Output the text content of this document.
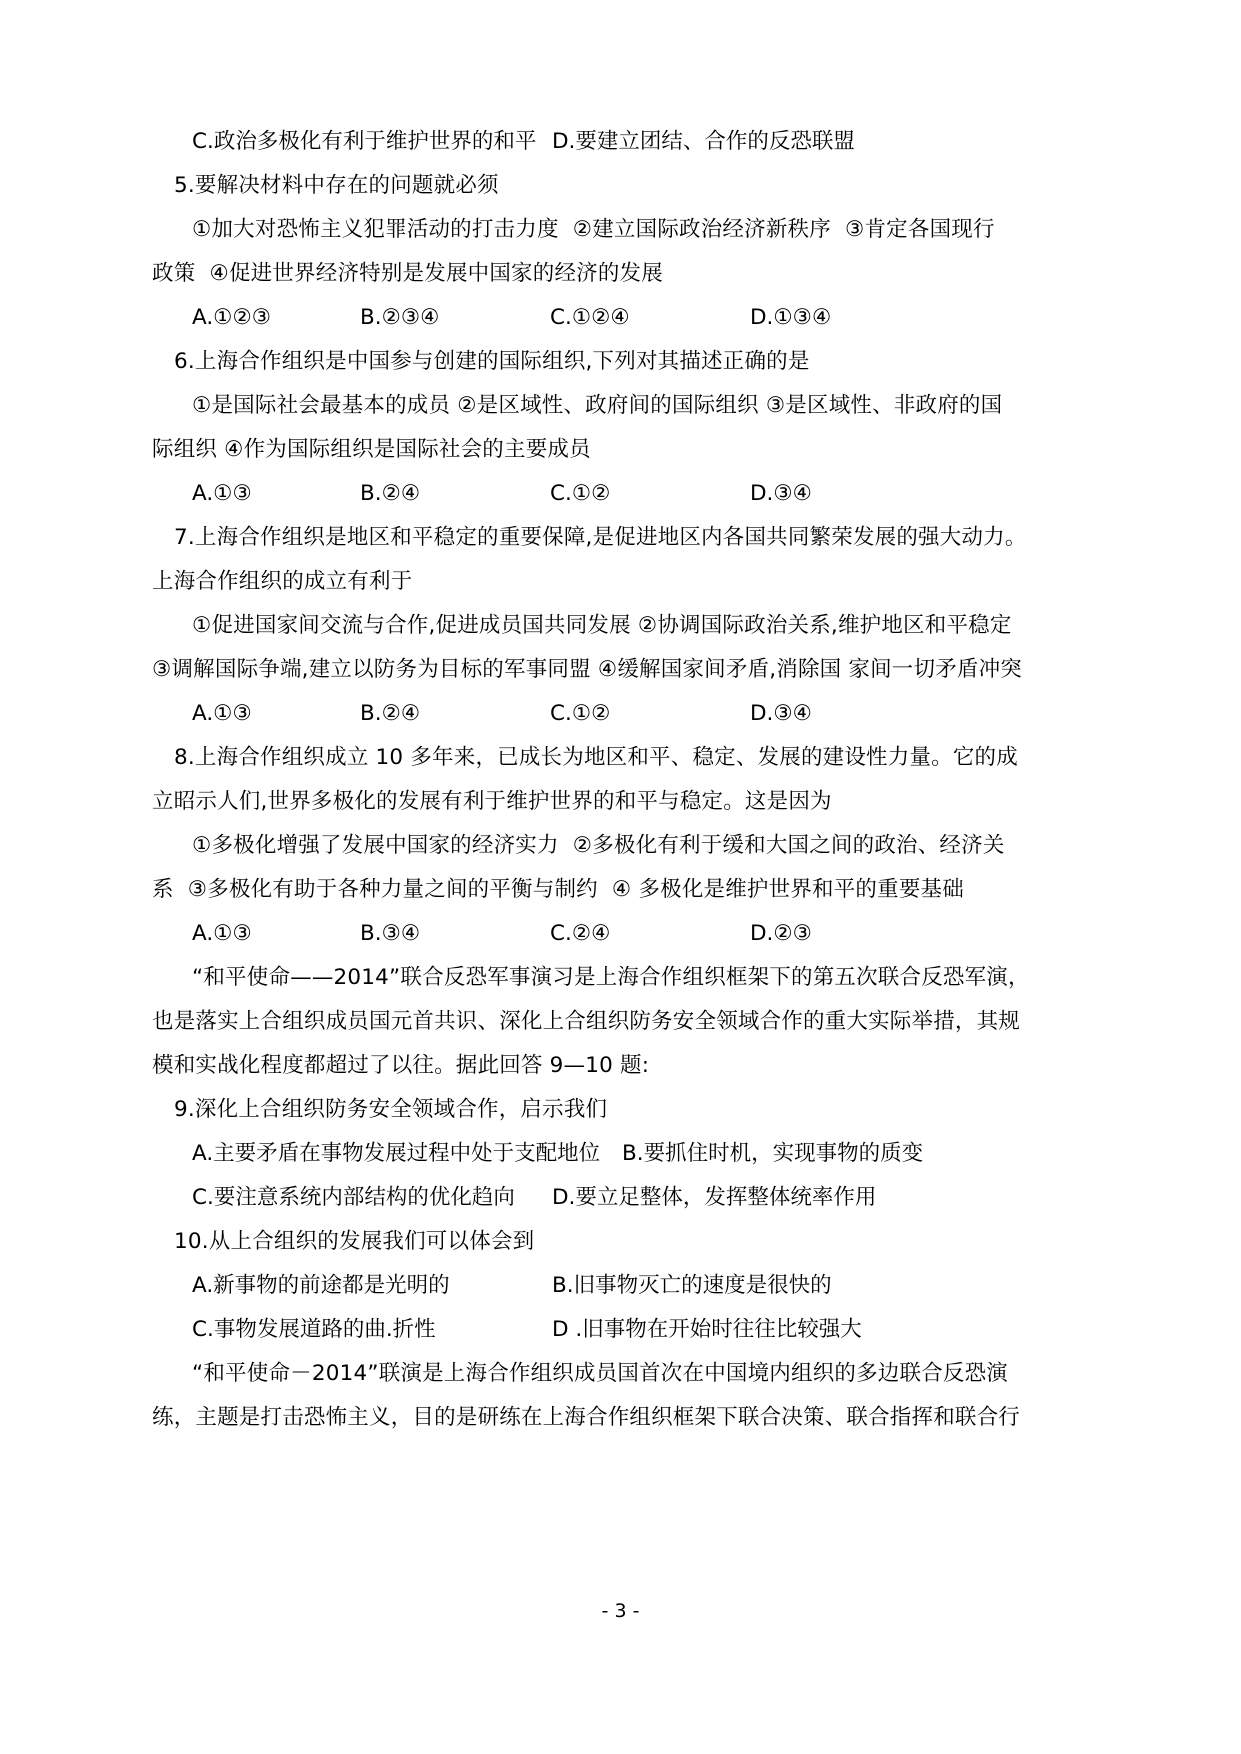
C.政治多极化有利于维护世界的和平 D.要建立团结、合作的反恐联盟
5.要解决材料中存在的问题就必须
①加大对恐怖主义犯罪活动的打击力度  ②建立国际政治经济新秩序  ③肯定各国现行
政策  ④促进世界经济特别是发展中国家的经济的发展
A.①②③	B.②③④	C.①②④	D.①③④
6.上海合作组织是中国参与创建的国际组织,下列对其描述正确的是
①是国际社会最基本的成员 ②是区域性、政府间的国际组织 ③是区域性、非政府的国
际组织 ④作为国际组织是国际社会的主要成员
A.①③	B.②④	C.①②	D.③④
7.上海合作组织是地区和平稳定的重要保障,是促进地区内各国共同繁荣发展的强大动力。
上海合作组织的成立有利于
①促进国家间交流与合作,促进成员国共同发展 ②协调国际政治关系,维护地区和平稳定
③调解国际争端,建立以防务为目标的军事同盟 ④缓解国家间矛盾,消除国 家间一切矛盾冲突
A.①③	B.②④	C.①②	D.③④
8.上海合作组织成立 10 多年来，已成长为地区和平、稳定、发展的建设性力量。它的成
立昭示人们,世界多极化的发展有利于维护世界的和平与稳定。这是因为
①多极化增强了发展中国家的经济实力  ②多极化有利于缓和大国之间的政治、经济关
系  ③多极化有助于各种力量之间的平衡与制约  ④ 多极化是维护世界和平的重要基础
A.①③	B.③④	C.②④	D.②③
“和平使命——2014”联合反恐军事演习是上海合作组织框架下的第五次联合反恐军演，
也是落实上合组织成员国元首共识、深化上合组织防务安全领域合作的重大实际举措，其规
模和实战化程度都超过了以往。据此回答 9—10 题:
9.深化上合组织防务安全领域合作，启示我们
A.主要矛盾在事物发展过程中处于支配地位	B.要抓住时机，实现事物的质变
C.要注意系统内部结构的优化趋向	D.要立足整体，发挥整体统率作用
10.从上合组织的发展我们可以体会到
A.新事物的前途都是光明的	B.旧事物灭亡的速度是很快的
C.事物发展道路的曲.折性	D .旧事物在开始时往往比较强大
“和平使命－2014”联演是上海合作组织成员国首次在中国境内组织的多边联合反恐演
练，主题是打击恐怖主义，目的是研练在上海合作组织框架下联合决策、联合指挥和联合行
- 3 -
